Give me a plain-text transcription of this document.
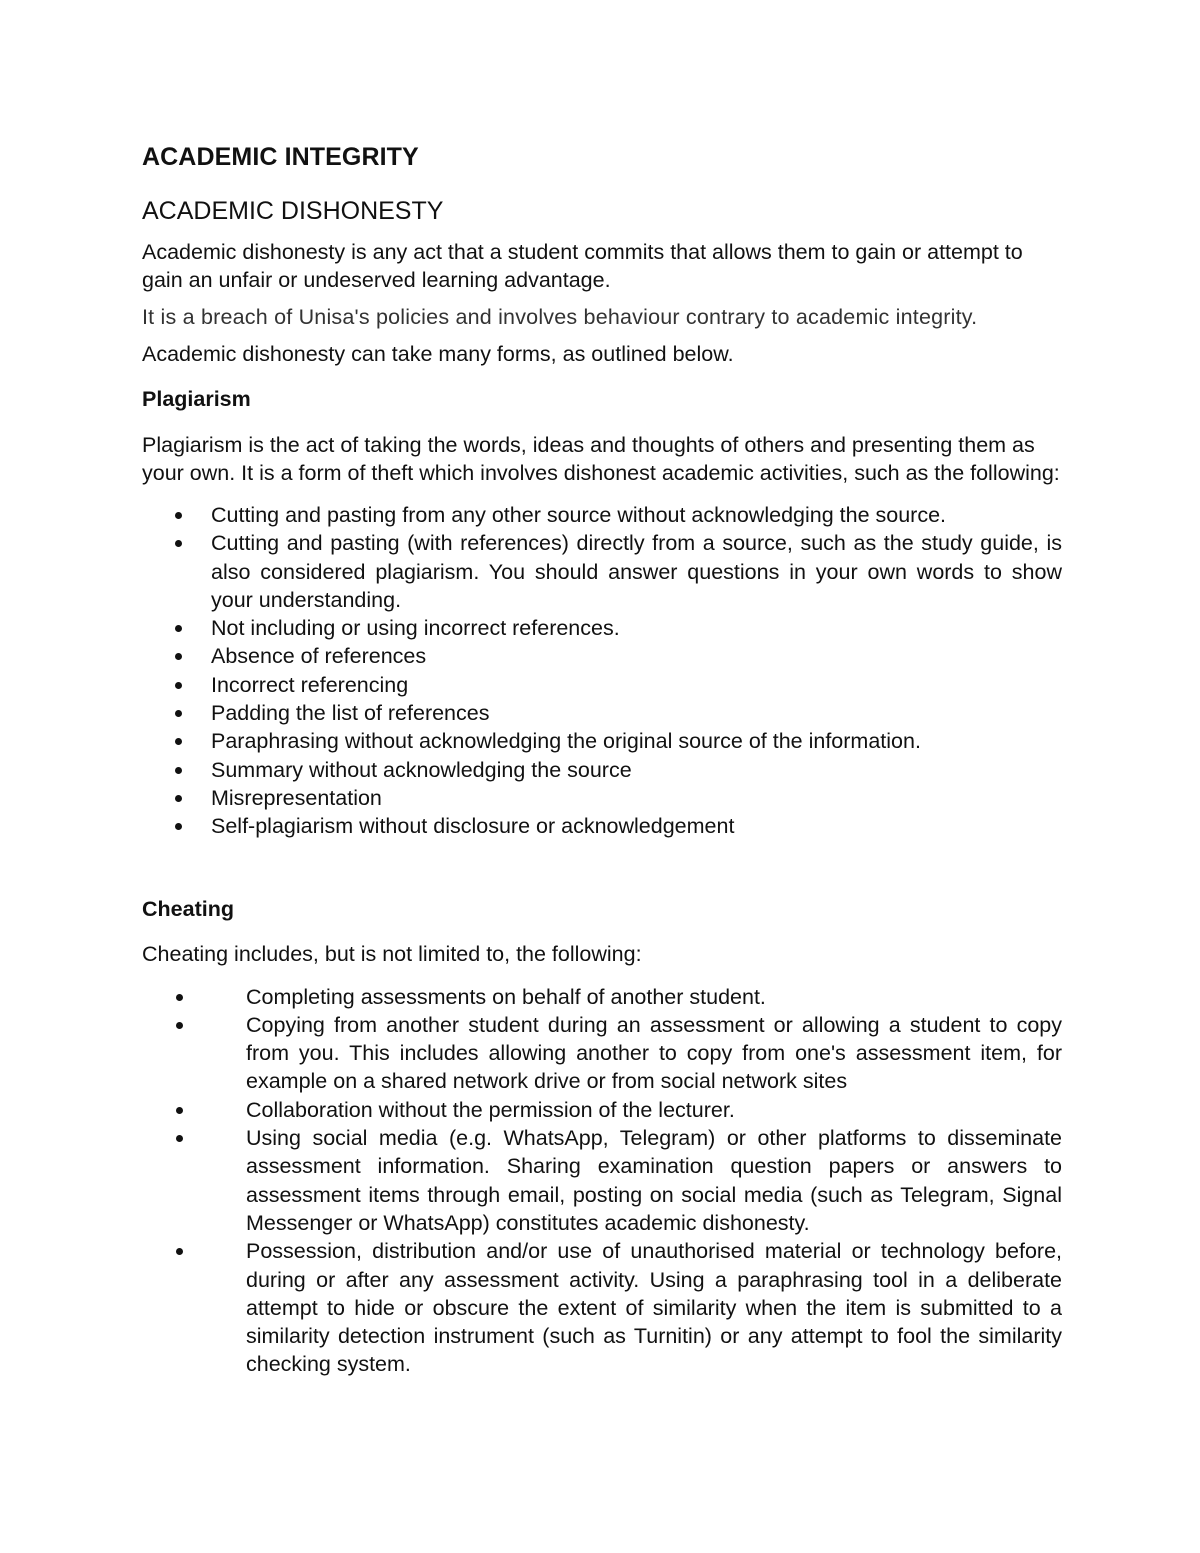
ACADEMIC INTEGRITY
ACADEMIC DISHONESTY

Academic dishonesty is any act that a student commits that allows them to gain or attempt to gain an unfair or undeserved learning advantage.

It is a breach of Unisa's policies and involves behaviour contrary to academic integrity.

Academic dishonesty can take many forms, as outlined below.

Plagiarism

Plagiarism is the act of taking the words, ideas and thoughts of others and presenting them as your own. It is a form of theft which involves dishonest academic activities, such as the following:

Cutting and pasting from any other source without acknowledging the source.
Cutting and pasting (with references) directly from a source, such as the study guide, is also considered plagiarism. You should answer questions in your own words to show your understanding.
Not including or using incorrect references.
Absence of references
Incorrect referencing
Padding the list of references
Paraphrasing without acknowledging the original source of the information.
Summary without acknowledging the source
Misrepresentation
Self-plagiarism without disclosure or acknowledgement
Cheating

Cheating includes, but is not limited to, the following:

Completing assessments on behalf of another student.
Copying from another student during an assessment or allowing a student to copy from you. This includes allowing another to copy from one's assessment item, for example on a shared network drive or from social network sites
Collaboration without the permission of the lecturer.
Using social media (e.g. WhatsApp, Telegram) or other platforms to disseminate assessment information. Sharing examination question papers or answers to assessment items through email, posting on social media (such as Telegram, Signal Messenger or WhatsApp) constitutes academic dishonesty.
Possession, distribution and/or use of unauthorised material or technology before, during or after any assessment activity. Using a paraphrasing tool in a deliberate attempt to hide or obscure the extent of similarity when the item is submitted to a similarity detection instrument (such as Turnitin) or any attempt to fool the similarity checking system.
